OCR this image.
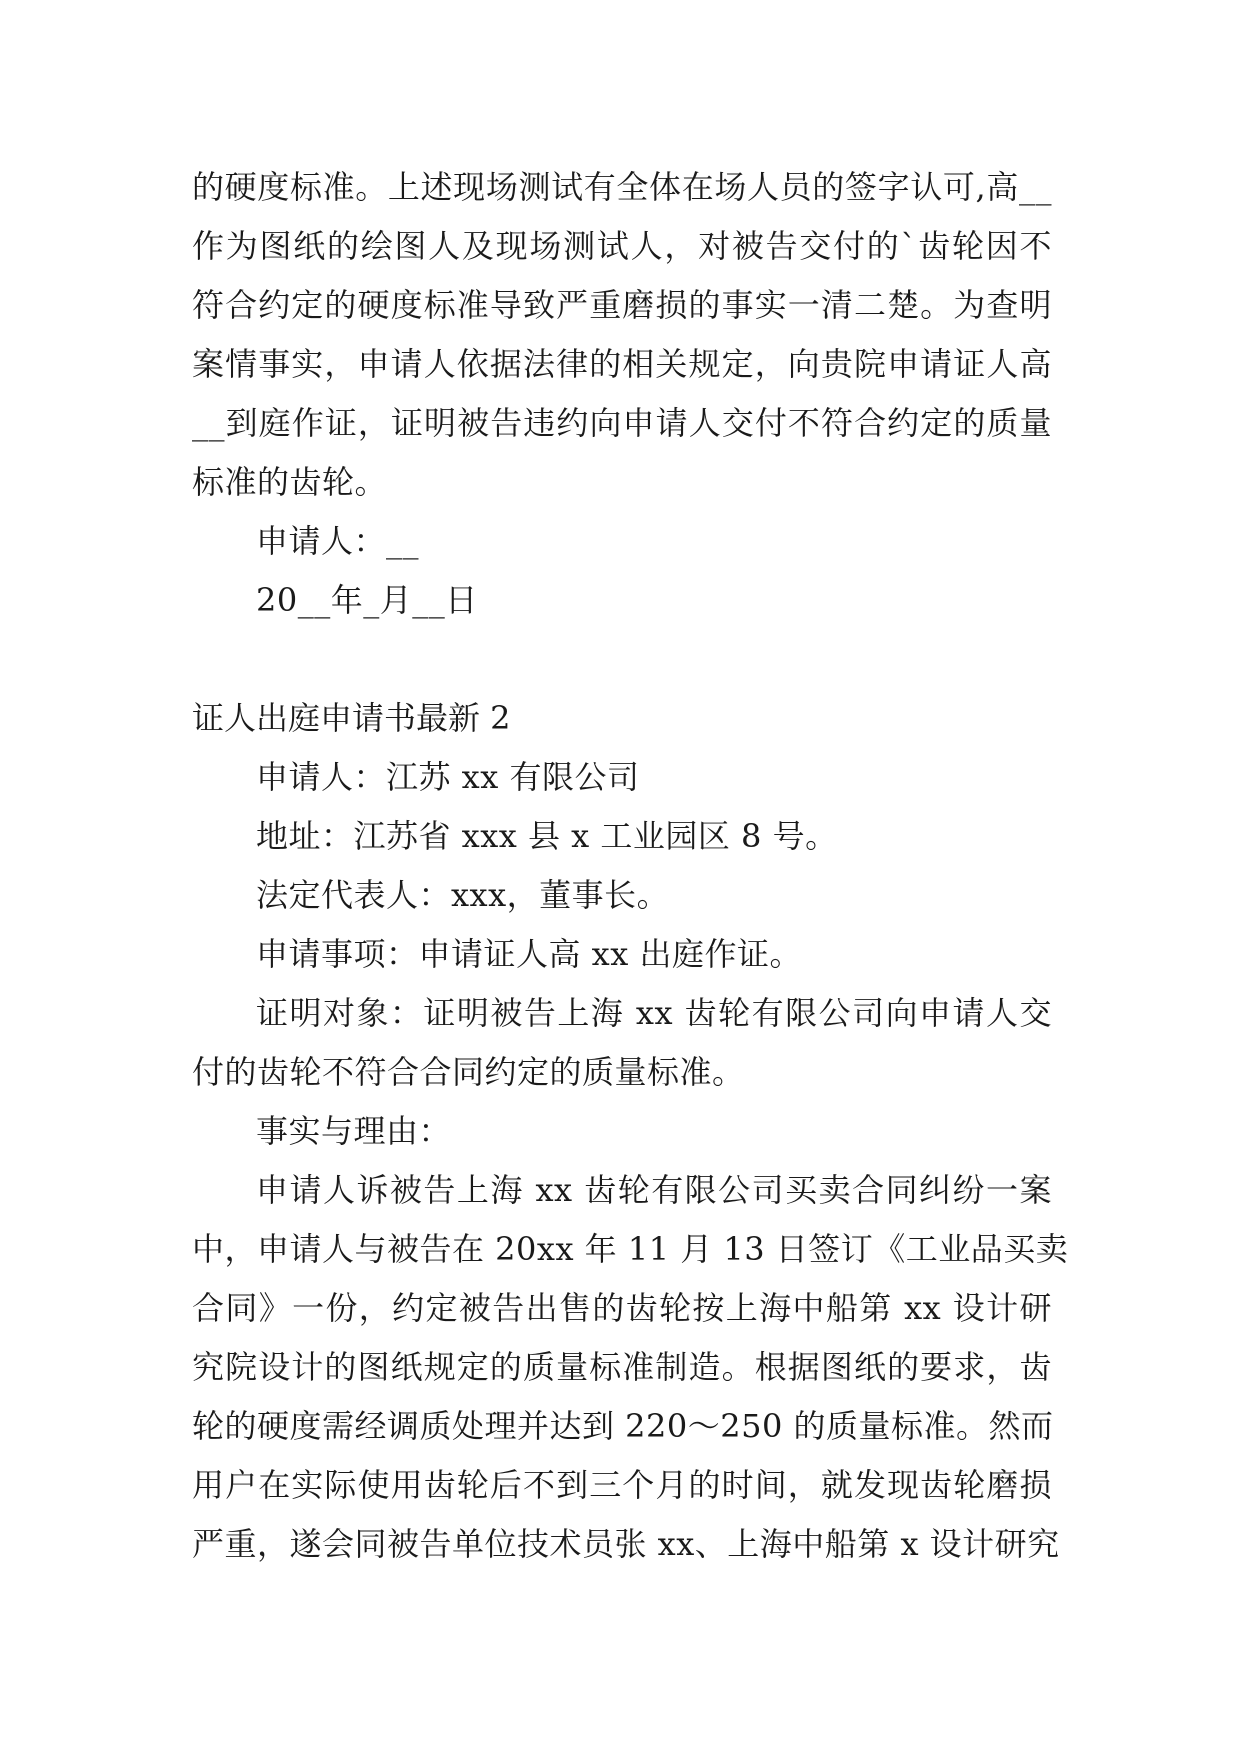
的硬度标准。上述现场测试有全体在场人员的签字认可,高__
作为图纸的绘图人及现场测试人，对被告交付的`齿轮因不
符合约定的硬度标准导致严重磨损的事实一清二楚。为查明
案情事实，申请人依据法律的相关规定，向贵院申请证人高
__到庭作证，证明被告违约向申请人交付不符合约定的质量
标准的齿轮。
申请人：__
20__年_月__日
证人出庭申请书最新 2
申请人：江苏 xx 有限公司
地址：江苏省 xxx 县 x 工业园区 8 号。
法定代表人：xxx，董事长。
申请事项：申请证人高 xx 出庭作证。
证明对象：证明被告上海 xx 齿轮有限公司向申请人交
付的齿轮不符合合同约定的质量标准。
事实与理由：
申请人诉被告上海 xx 齿轮有限公司买卖合同纠纷一案
中，申请人与被告在 20xx 年 11 月 13 日签订《工业品买卖
合同》一份，约定被告出售的齿轮按上海中船第 xx 设计研
究院设计的图纸规定的质量标准制造。根据图纸的要求，齿
轮的硬度需经调质处理并达到 220～250 的质量标准。然而
用户在实际使用齿轮后不到三个月的时间，就发现齿轮磨损
严重，遂会同被告单位技术员张 xx、上海中船第 x 设计研究
